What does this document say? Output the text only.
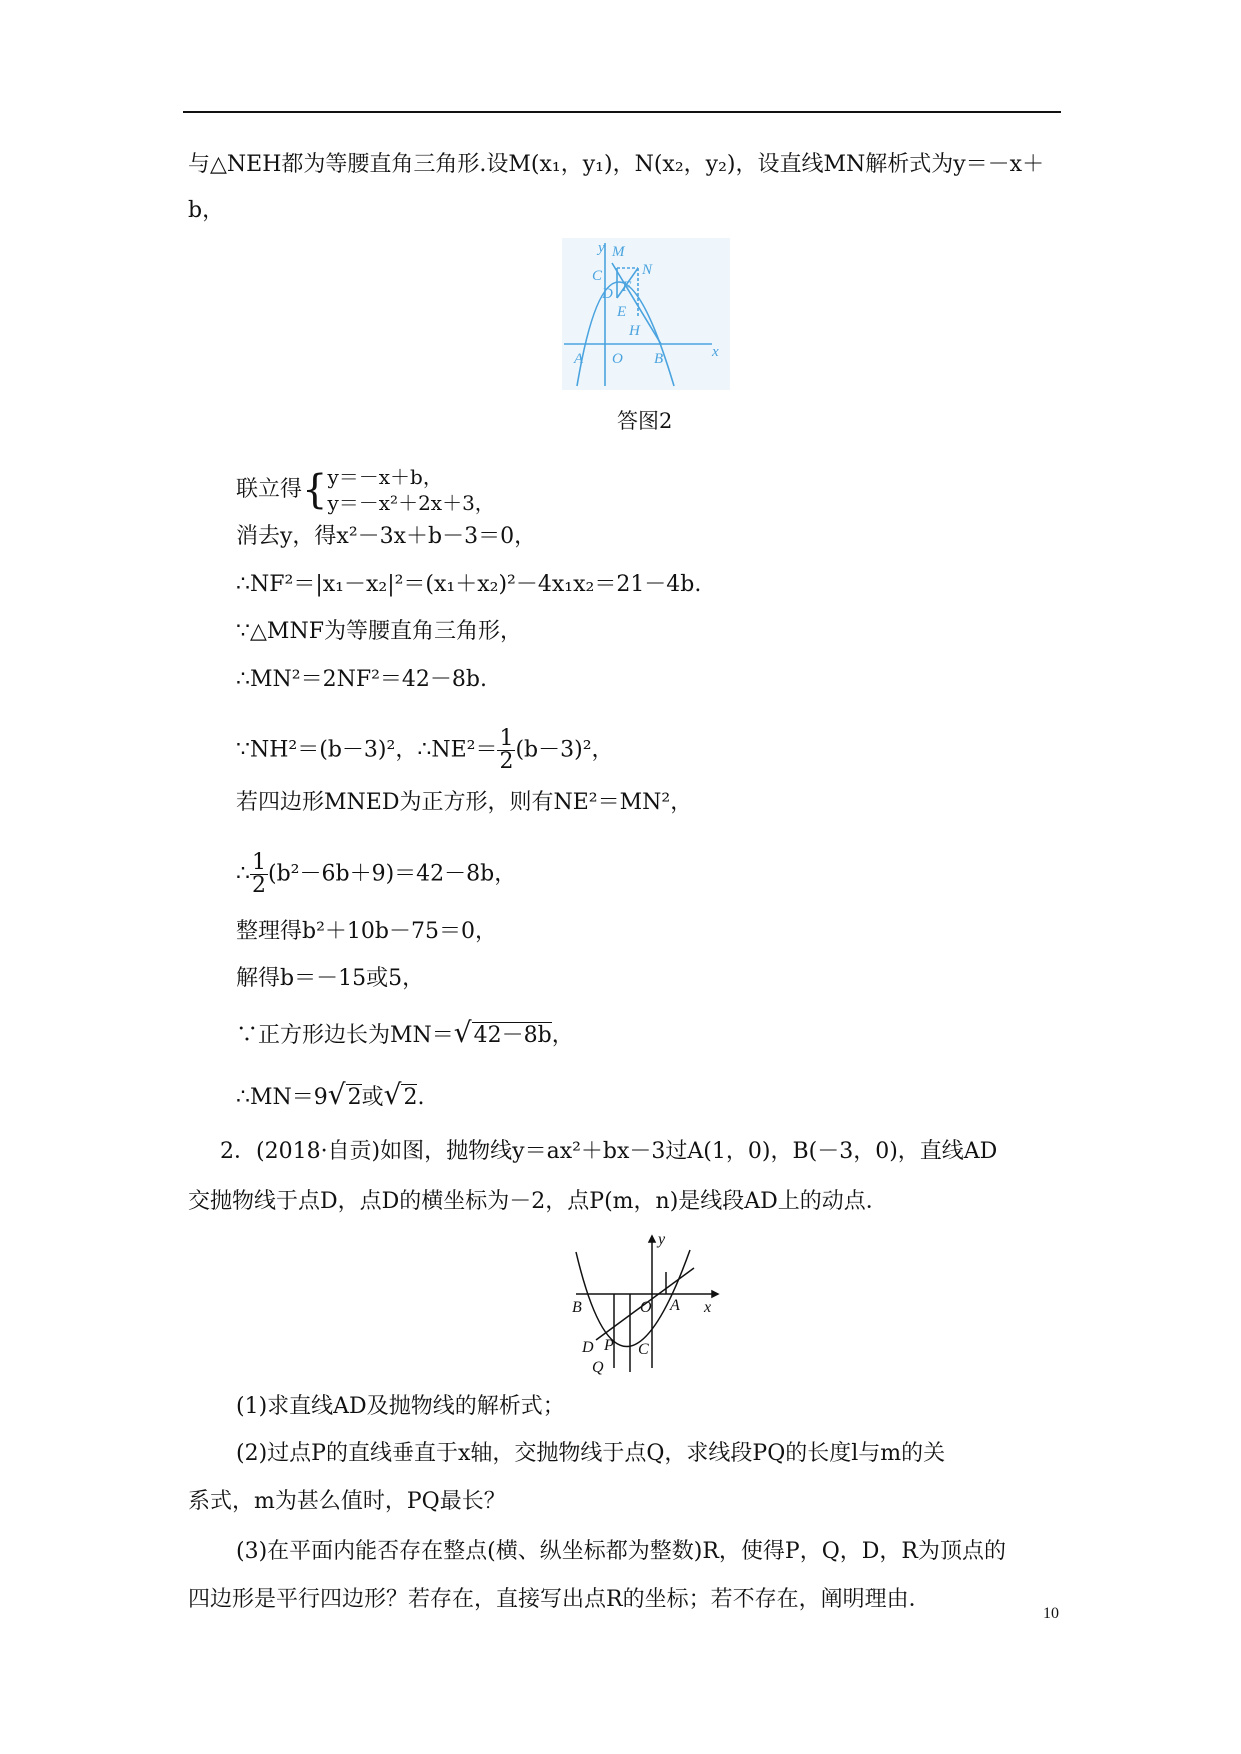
与△NEH都为等腰直角三角形.设M(x₁，y₁)，N(x₂，y₂)，设直线MN解析式为y＝－x＋
b，
y M
C	N
F
D
E
H
A O B	x
答图2
联立得{ y＝－x＋b，
y＝－x²＋2x＋3，
消去y，得x²－3x＋b－3＝0，
∴NF²＝|x₁－x₂|²＝(x₁＋x₂)²－4x₁x₂＝21－4b.
∵△MNF为等腰直角三角形，
∴MN²＝2NF²＝42－8b.
∵NH²＝(b－3)²，∴NE²＝ $\frac{1}{2} (b-3)^2$，
若四边形MNED为正方形，则有NE²＝MN²，
∴ $\frac{1}{2} (b^2-6b+9)=42-8b$，
整理得b²＋10b－75＝0，
解得b＝－15或5，
∵正方形边长为MN＝√42－8b，
∴MN＝9√2或√2.
2．(2018·自贡)如图，抛物线y＝ax²＋bx－3过A(1，0)，B(－3，0)，直线AD
交抛物线于点D，点D的横坐标为－2，点P(m，n)是线段AD上的动点．
y
B	O A x
D P C
Q
(1)求直线AD及抛物线的解析式；
(2)过点P的直线垂直于x轴，交抛物线于点Q，求线段PQ的长度l与m的关
系式，m为甚么值时，PQ最长？
(3)在平面内能否存在整点(横、纵坐标都为整数)R，使得P，Q，D，R为顶点的
四边形是平行四边形？若存在，直接写出点R的坐标；若不存在，阐明理由．
10
